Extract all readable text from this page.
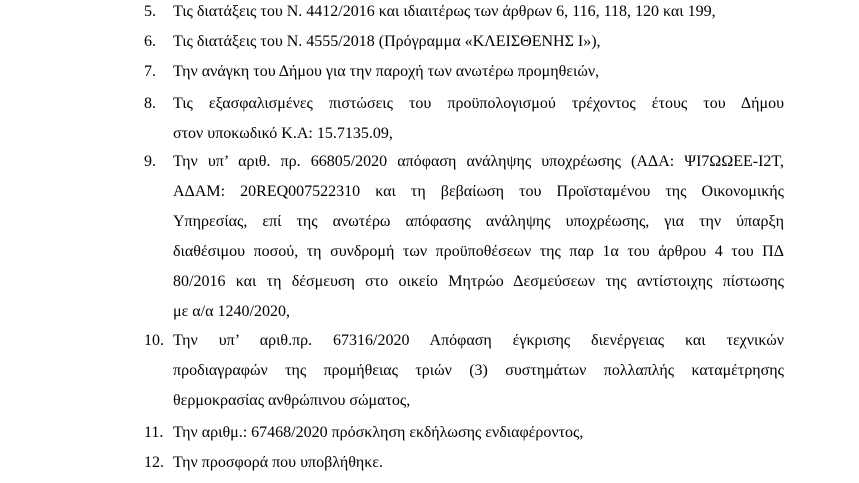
5. Τις διατάξεις του Ν. 4412/2016 και ιδιαιτέρως των άρθρων 6, 116, 118, 120 και 199,
6. Τις διατάξεις του Ν. 4555/2018 (Πρόγραμμα «ΚΛΕΙΣΘΕΝΗΣ Ι»),
7. Την ανάγκη του Δήμου για την παροχή των ανωτέρω προμηθειών,
8. Τις εξασφαλισμένες πιστώσεις του προϋπολογισμού τρέχοντος έτους του Δήμου
στον υποκωδικό Κ.Α: 15.7135.09,
9. Την υπ’ αριθ. πρ. 66805/2020 απόφαση ανάληψης υποχρέωσης (ΑΔΑ: ΨΙ7ΩΩΕΕ-Ι2Τ,
ΑΔΑΜ: 20REQ007522310 και τη βεβαίωση του Προϊσταμένου της Οικονομικής
Υπηρεσίας, επί της ανωτέρω απόφασης ανάληψης υποχρέωσης, για την ύπαρξη
διαθέσιμου ποσού, τη συνδρομή των προϋποθέσεων της παρ 1α του άρθρου 4 του ΠΔ
80/2016 και τη δέσμευση στο οικείο Μητρώο Δεσμεύσεων της αντίστοιχης πίστωσης
με α/α 1240/2020,
10. Την υπ’ αριθ.πρ. 67316/2020 Απόφαση έγκρισης διενέργειας και τεχνικών
προδιαγραφών της προμήθειας τριών (3) συστημάτων πολλαπλής καταμέτρησης
θερμοκρασίας ανθρώπινου σώματος,
11. Την αριθμ.: 67468/2020 πρόσκληση εκδήλωσης ενδιαφέροντος,
12. Την προσφορά που υποβλήθηκε.
